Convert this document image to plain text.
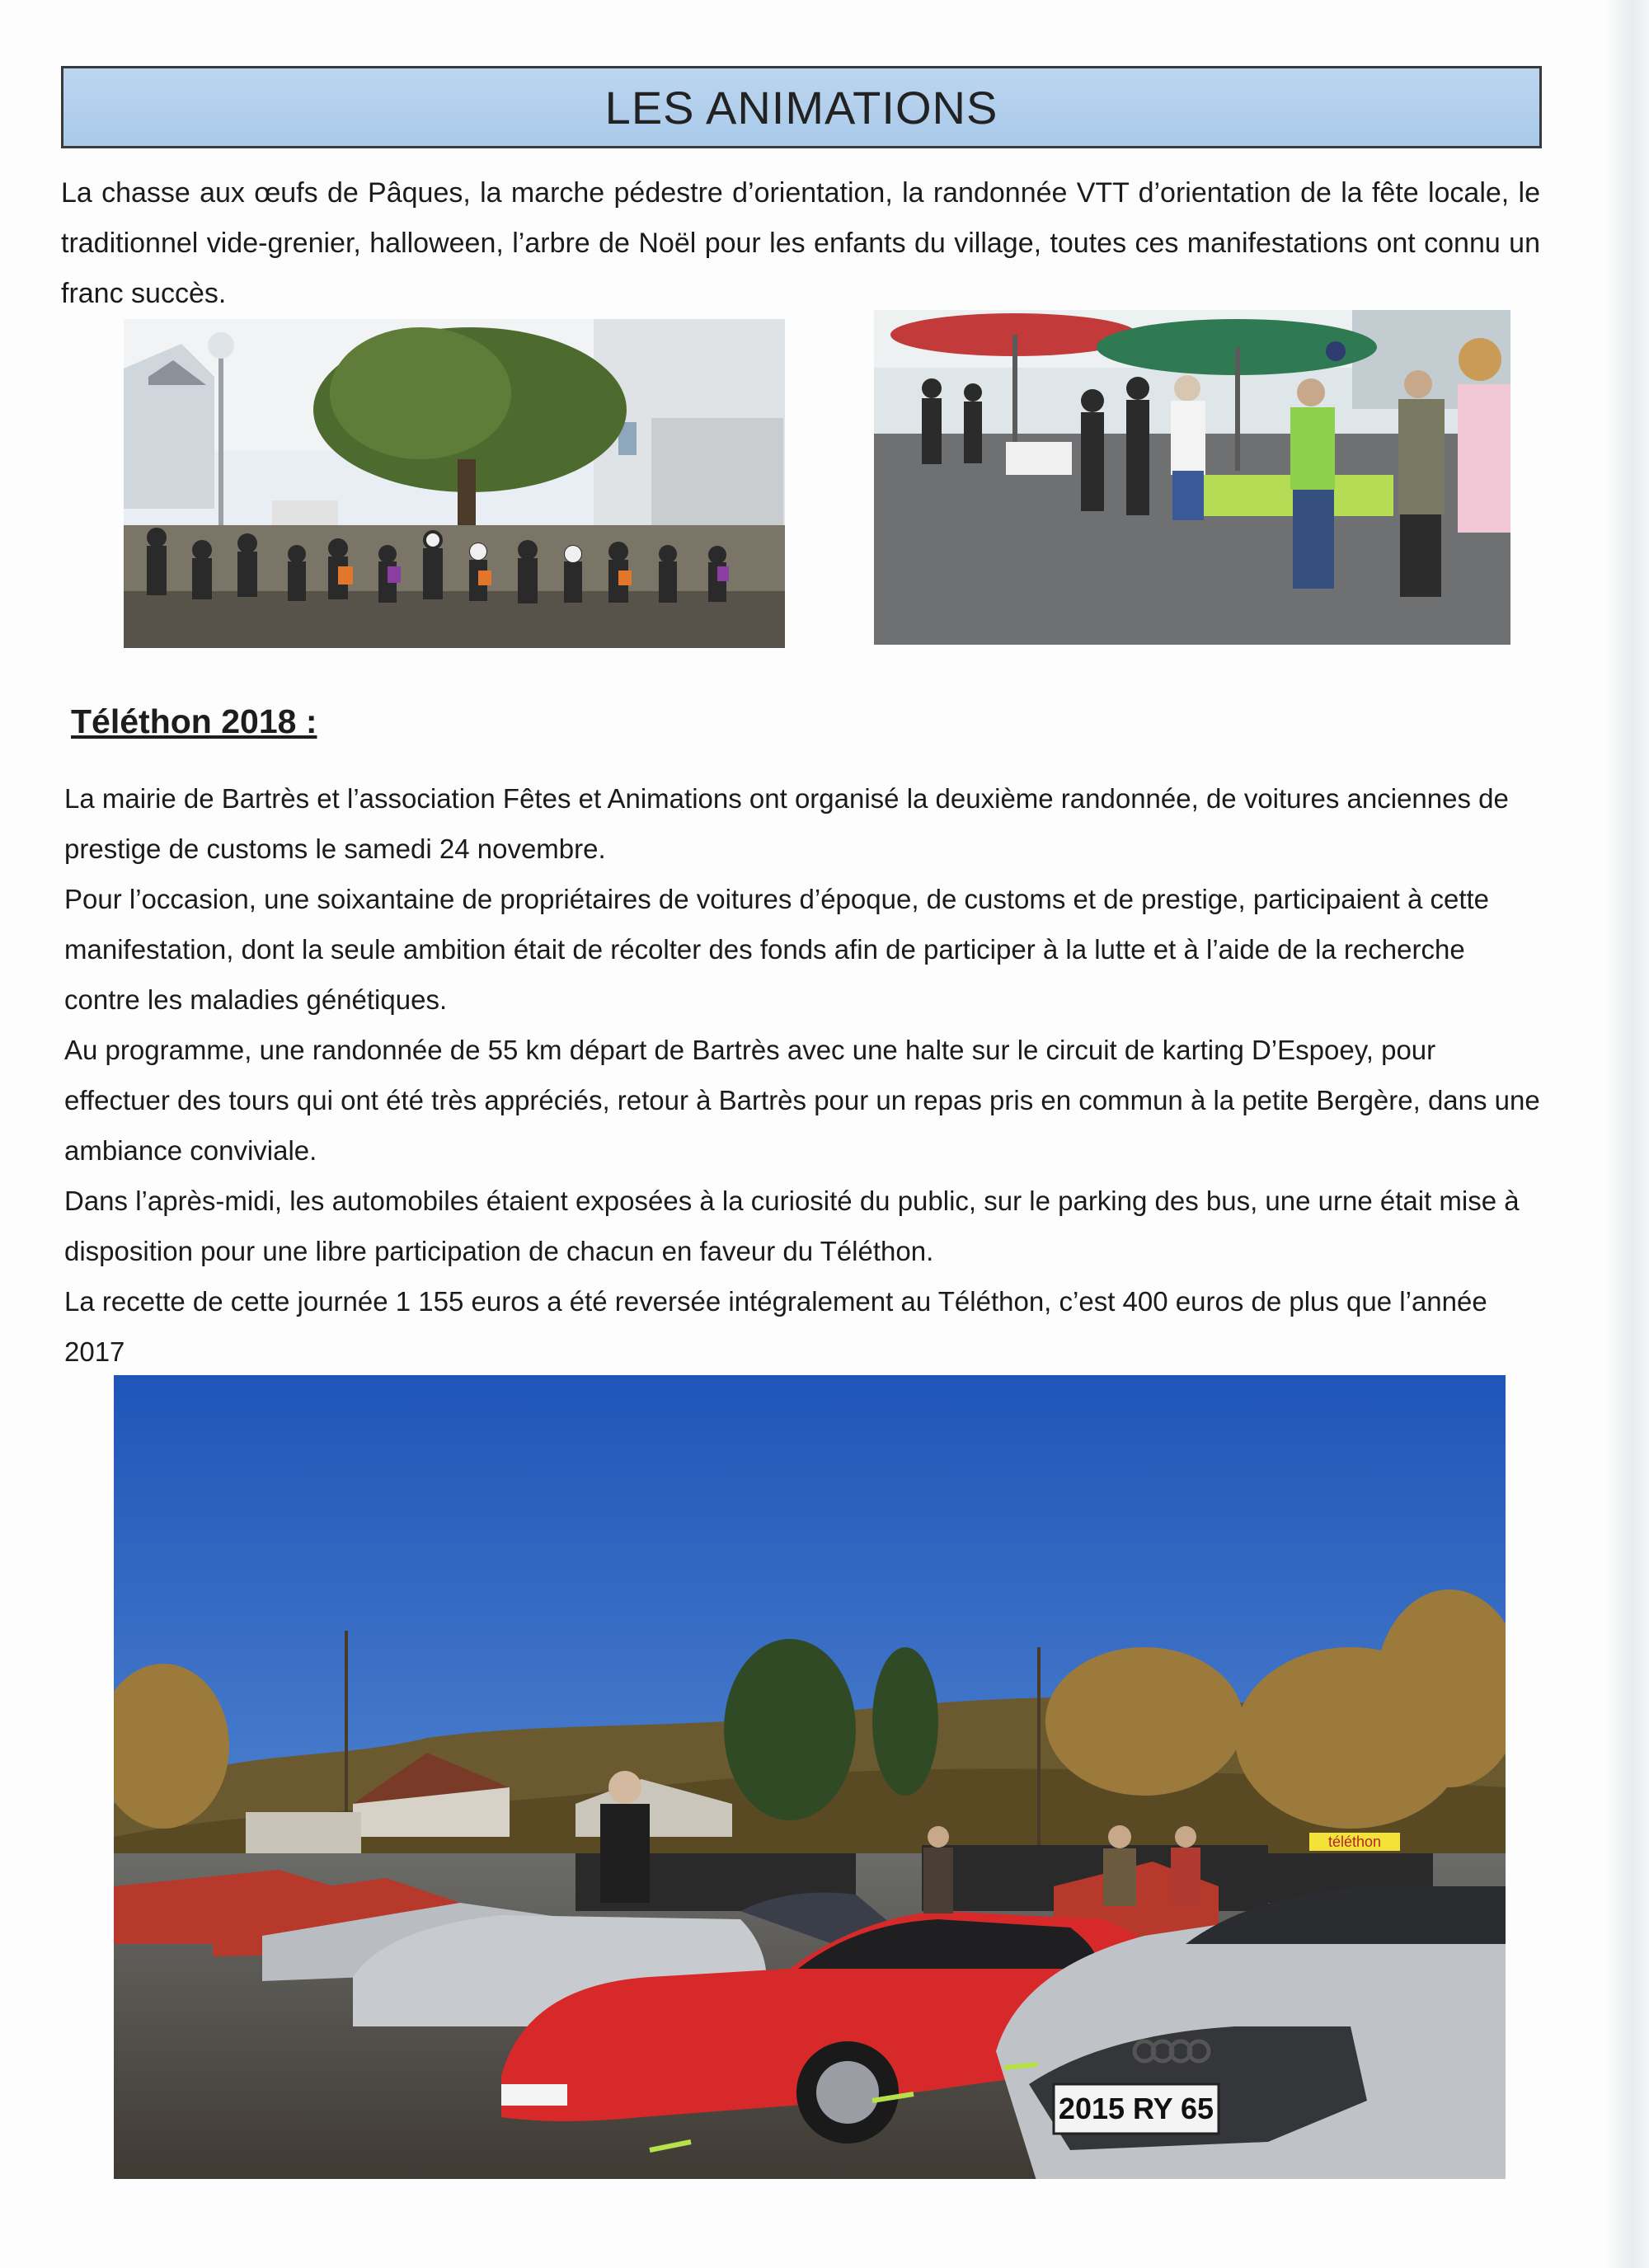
LES ANIMATIONS

La chasse aux œufs de Pâques, la marche pédestre d’orientation, la randonnée VTT d’orientation de la fête locale, le traditionnel vide-grenier, halloween, l’arbre de Noël pour les enfants du village, toutes ces manifestations ont connu un franc succès.

Téléthon 2018 :

La mairie de Bartrès et l’association Fêtes et Animations ont organisé la deuxième randonnée, de voitures anciennes de prestige de customs le samedi 24 novembre.

Pour l’occasion, une soixantaine de propriétaires de voitures d’époque, de customs et de prestige, participaient à cette manifestation, dont la seule ambition était de récolter des fonds afin de participer à la lutte et à l’aide de la recherche contre les maladies génétiques.

Au programme, une randonnée de 55 km départ de Bartrès avec une halte sur le circuit de karting D’Espoey, pour effectuer des tours qui ont été très appréciés, retour à Bartrès pour un repas pris en commun à la petite Bergère, dans une ambiance conviviale.

Dans l’après-midi, les automobiles étaient exposées à la curiosité du public, sur le parking des bus, une urne était mise à disposition pour une libre participation de chacun en faveur du Téléthon.

La recette de cette journée 1 155 euros a été reversée intégralement au Téléthon, c’est 400 euros de plus que l’année 2017

téléthon
2015 RY 65
